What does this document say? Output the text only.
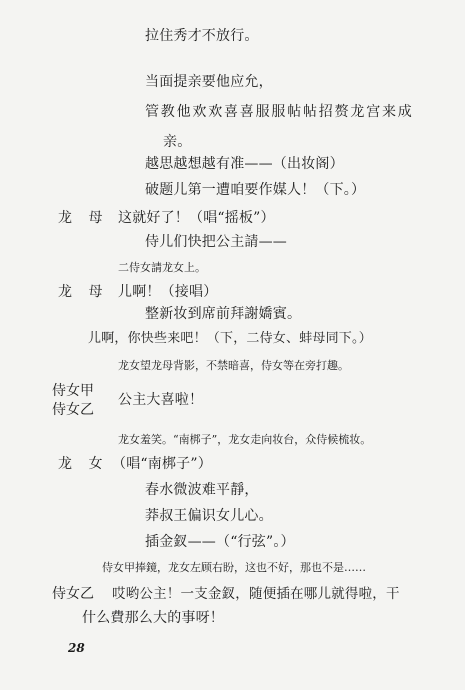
拉住秀才不放行。
当面提亲要他应允，
管教他欢欢喜喜服服帖帖招赘龙宫来成
亲。
越思越想越有准——（出妆阁）
破题儿第一遭咱要作媒人！（下。）
龙 母 这就好了！（唱“摇板”）
侍儿们快把公主請——
二侍女請龙女上。
龙 母 儿啊！（接唱）
整新妆到席前拜謝嬌賓。
儿啊，你快些来吧！（下，二侍女、蚌母同下。）
龙女望龙母背影，不禁暗喜，侍女等在旁打趣。
侍女甲
侍女乙
公主大喜啦！
龙女羞笑。“南梆子”，龙女走向妆台，众侍候梳妆。
龙 女 （唱“南梆子”）
春水微波难平靜，
莽叔王偏识女儿心。
插金釵——（“行弦”。）
侍女甲捧鏡，龙女左顾右盼，这也不好，那也不是……
侍女乙 哎哟公主！一支金釵，随便插在哪儿就得啦，干
什么費那么大的事呀！
28
